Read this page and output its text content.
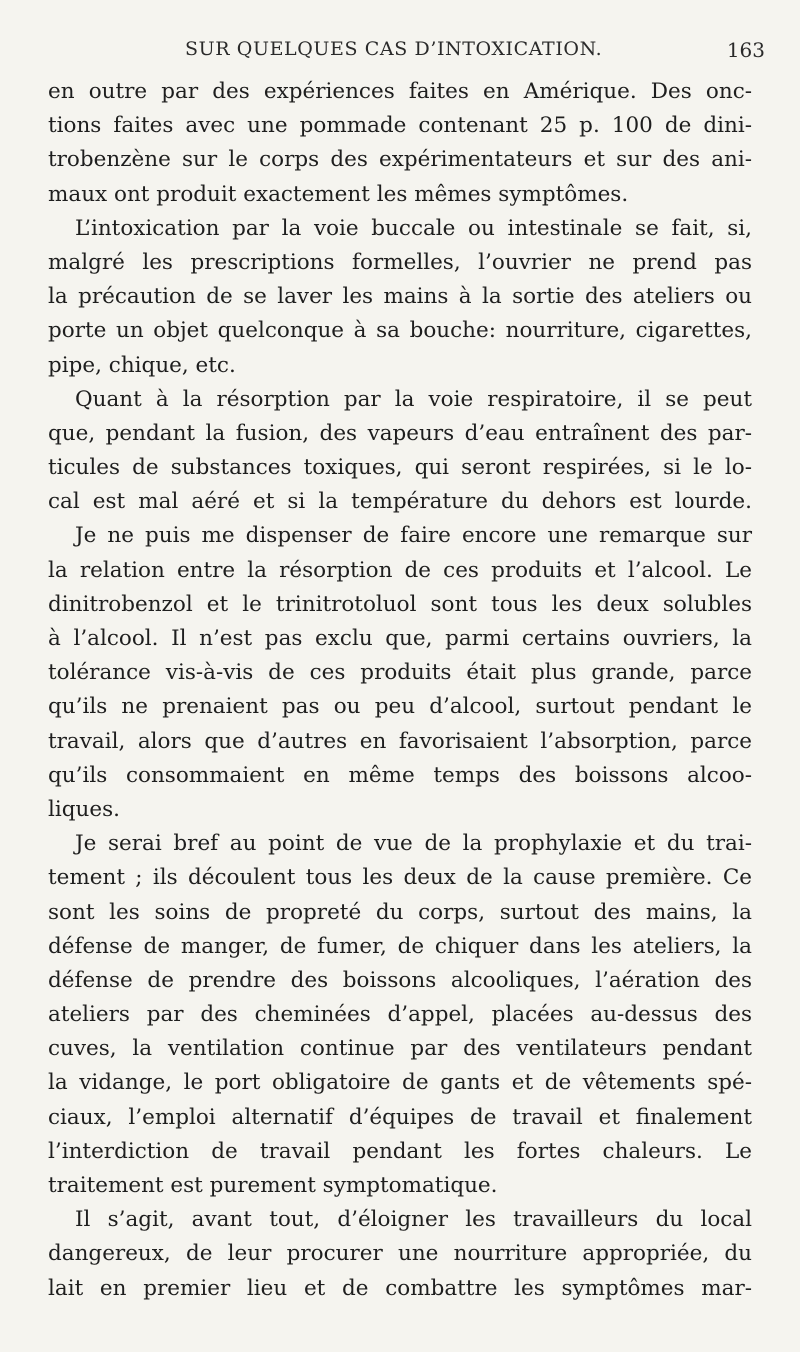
SUR QUELQUES CAS D’INTOXICATION.	163
en outre par des expériences faites en Amérique. Des onc-
tions faites avec une pommade contenant 25 p. 100 de dini-
trobenzène sur le corps des expérimentateurs et sur des ani-
maux ont produit exactement les mêmes symptômes.
L’intoxication par la voie buccale ou intestinale se fait, si,
malgré les prescriptions formelles, l’ouvrier ne prend pas
la précaution de se laver les mains à la sortie des ateliers ou
porte un objet quelconque à sa bouche: nourriture, cigarettes,
pipe, chique, etc.
Quant à la résorption par la voie respiratoire, il se peut
que, pendant la fusion, des vapeurs d’eau entraînent des par-
ticules de substances toxiques, qui seront respirées, si le lo-
cal est mal aéré et si la température du dehors est lourde.
Je ne puis me dispenser de faire encore une remarque sur
la relation entre la résorption de ces produits et l’alcool. Le
dinitrobenzol et le trinitrotoluol sont tous les deux solubles
à l’alcool. Il n’est pas exclu que, parmi certains ouvriers, la
tolérance vis-à-vis de ces produits était plus grande, parce
qu’ils ne prenaient pas ou peu d’alcool, surtout pendant le
travail, alors que d’autres en favorisaient l’absorption, parce
qu’ils consommaient en même temps des boissons alcoo-
liques.
Je serai bref au point de vue de la prophylaxie et du trai-
tement ; ils découlent tous les deux de la cause première. Ce
sont les soins de propreté du corps, surtout des mains, la
défense de manger, de fumer, de chiquer dans les ateliers, la
défense de prendre des boissons alcooliques, l’aération des
ateliers par des cheminées d’appel, placées au-dessus des
cuves, la ventilation continue par des ventilateurs pendant
la vidange, le port obligatoire de gants et de vêtements spé-
ciaux, l’emploi alternatif d’équipes de travail et finalement
l’interdiction de travail pendant les fortes chaleurs. Le
traitement est purement symptomatique.
Il s’agit, avant tout, d’éloigner les travailleurs du local
dangereux, de leur procurer une nourriture appropriée, du
lait en premier lieu et de combattre les symptômes mar-
